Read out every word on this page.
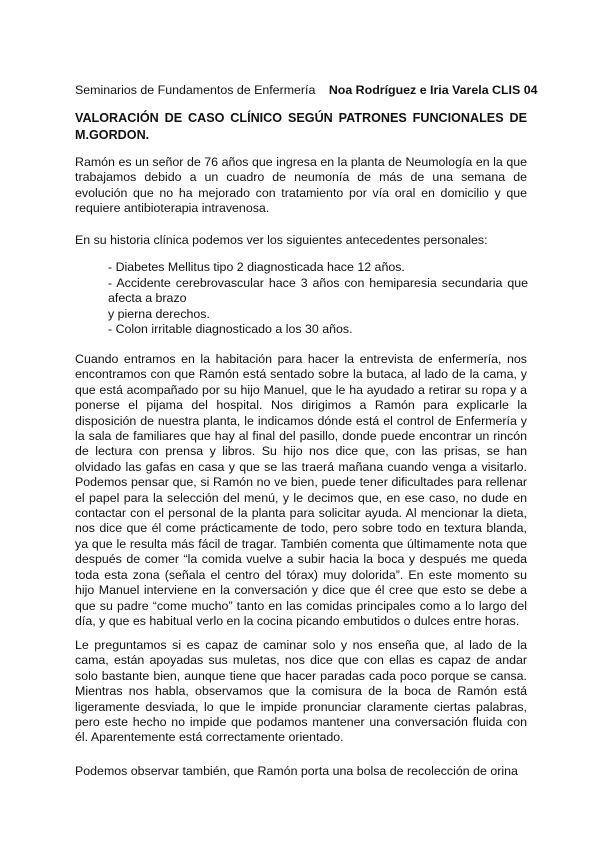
Seminarios de Fundamentos de Enfermería Noa Rodríguez e Iria Varela CLIS 04
VALORACIÓN DE CASO CLÍNICO SEGÚN PATRONES FUNCIONALES DE M.GORDON.

Ramón es un señor de 76 años que ingresa en la planta de Neumología en la que trabajamos debido a un cuadro de neumonía de más de una semana de evolución que no ha mejorado con tratamiento por vía oral en domicilio y que requiere antibioterapia intravenosa.

En su historia clínica podemos ver los siguientes antecedentes personales:

- Diabetes Mellitus tipo 2 diagnosticada hace 12 años.
- Accidente cerebrovascular hace 3 años con hemiparesia secundaria que afecta a brazo
y pierna derechos.
- Colon irritable diagnosticado a los 30 años.

Cuando entramos en la habitación para hacer la entrevista de enfermería, nos encontramos con que Ramón está sentado sobre la butaca, al lado de la cama, y que está acompañado por su hijo Manuel, que le ha ayudado a retirar su ropa y a ponerse el pijama del hospital. Nos dirigimos a Ramón para explicarle la disposición de nuestra planta, le indicamos dónde está el control de Enfermería y la sala de familiares que hay al final del pasillo, donde puede encontrar un rincón de lectura con prensa y libros. Su hijo nos dice que, con las prisas, se han olvidado las gafas en casa y que se las traerá mañana cuando venga a visitarlo. Podemos pensar que, si Ramón no ve bien, puede tener dificultades para rellenar el papel para la selección del menú, y le decimos que, en ese caso, no dude en contactar con el personal de la planta para solicitar ayuda. Al mencionar la dieta, nos dice que él come prácticamente de todo, pero sobre todo en textura blanda, ya que le resulta más fácil de tragar. También comenta que últimamente nota que después de comer “la comida vuelve a subir hacia la boca y después me queda toda esta zona (señala el centro del tórax) muy dolorida”. En este momento su hijo Manuel interviene en la conversación y dice que él cree que esto se debe a que su padre “come mucho” tanto en las comidas principales como a lo largo del día, y que es habitual verlo en la cocina picando embutidos o dulces entre horas.

Le preguntamos si es capaz de caminar solo y nos enseña que, al lado de la cama, están apoyadas sus muletas, nos dice que con ellas es capaz de andar solo bastante bien, aunque tiene que hacer paradas cada poco porque se cansa. Mientras nos habla, observamos que la comisura de la boca de Ramón está ligeramente desviada, lo que le impide pronunciar claramente ciertas palabras, pero este hecho no impide que podamos mantener una conversación fluida con él. Aparentemente está correctamente orientado.

Podemos observar también, que Ramón porta una bolsa de recolección de orina
